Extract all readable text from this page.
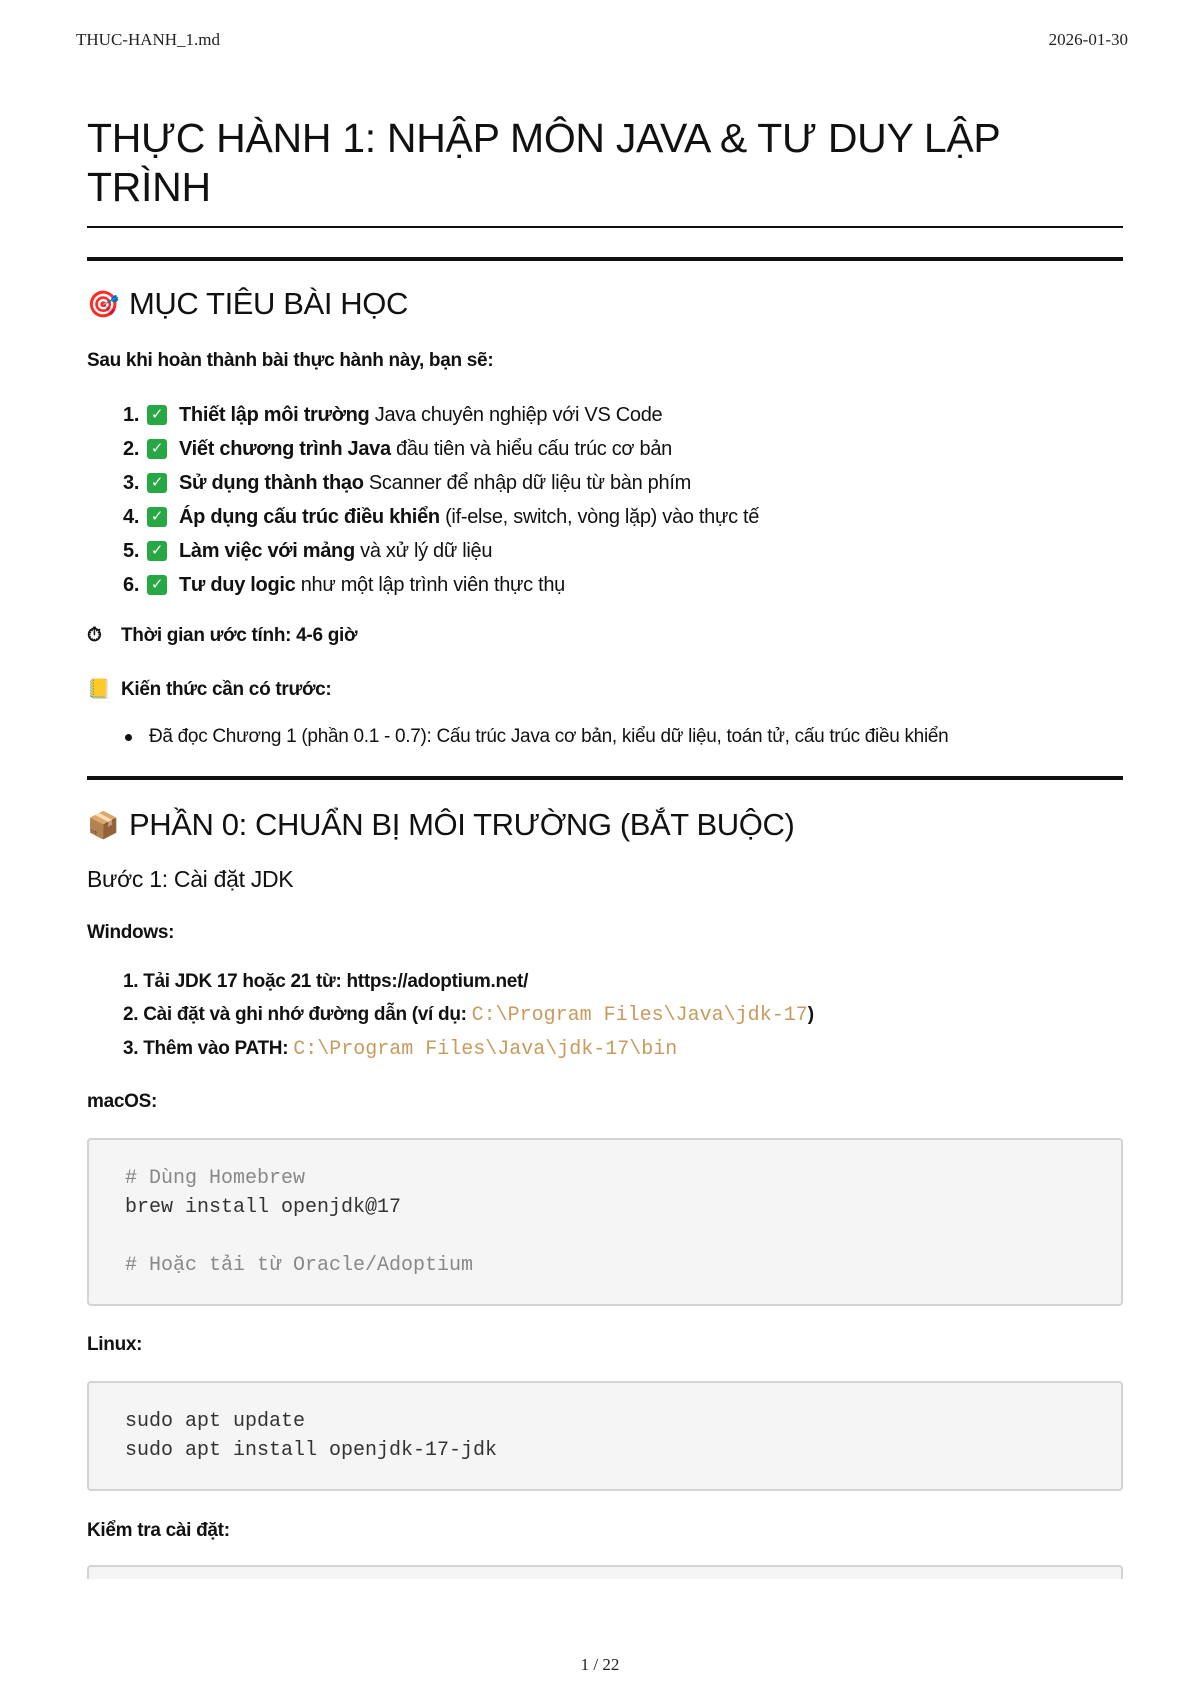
THUC-HANH_1.md	2026-01-30
THỰC HÀNH 1: NHẬP MÔN JAVA & TƯ DUY LẬP TRÌNH
🎯 MỤC TIÊU BÀI HỌC
Sau khi hoàn thành bài thực hành này, bạn sẽ:
1. ✓ Thiết lập môi trường Java chuyên nghiệp với VS Code
2. ✓ Viết chương trình Java đầu tiên và hiểu cấu trúc cơ bản
3. ✓ Sử dụng thành thạo Scanner để nhập dữ liệu từ bàn phím
4. ✓ Áp dụng cấu trúc điều khiển (if-else, switch, vòng lặp) vào thực tế
5. ✓ Làm việc với mảng và xử lý dữ liệu
6. ✓ Tư duy logic như một lập trình viên thực thụ
⏱	Thời gian ước tính:
4-6 giờ
📒 Kiến thức cần có trước:
Đã đọc Chương 1 (phần 0.1 - 0.7): Cấu trúc Java cơ bản, kiểu dữ liệu, toán tử, cấu trúc điều khiển
📦 PHẦN 0: CHUẨN BỊ MÔI TRƯỜNG (BẮT BUỘC)
Bước 1: Cài đặt JDK
Windows:
1. Tải JDK 17 hoặc 21 từ: https://adoptium.net/
2. Cài đặt và ghi nhớ đường dẫn (ví dụ: C:\Program Files\Java\jdk-17)
3. Thêm vào PATH: C:\Program Files\Java\jdk-17\bin
macOS:
# Dùng Homebrew
brew install openjdk@17

# Hoặc tải từ Oracle/Adoptium
Linux:
sudo apt update
sudo apt install openjdk-17-jdk
Kiểm tra cài đặt:
1 / 22
